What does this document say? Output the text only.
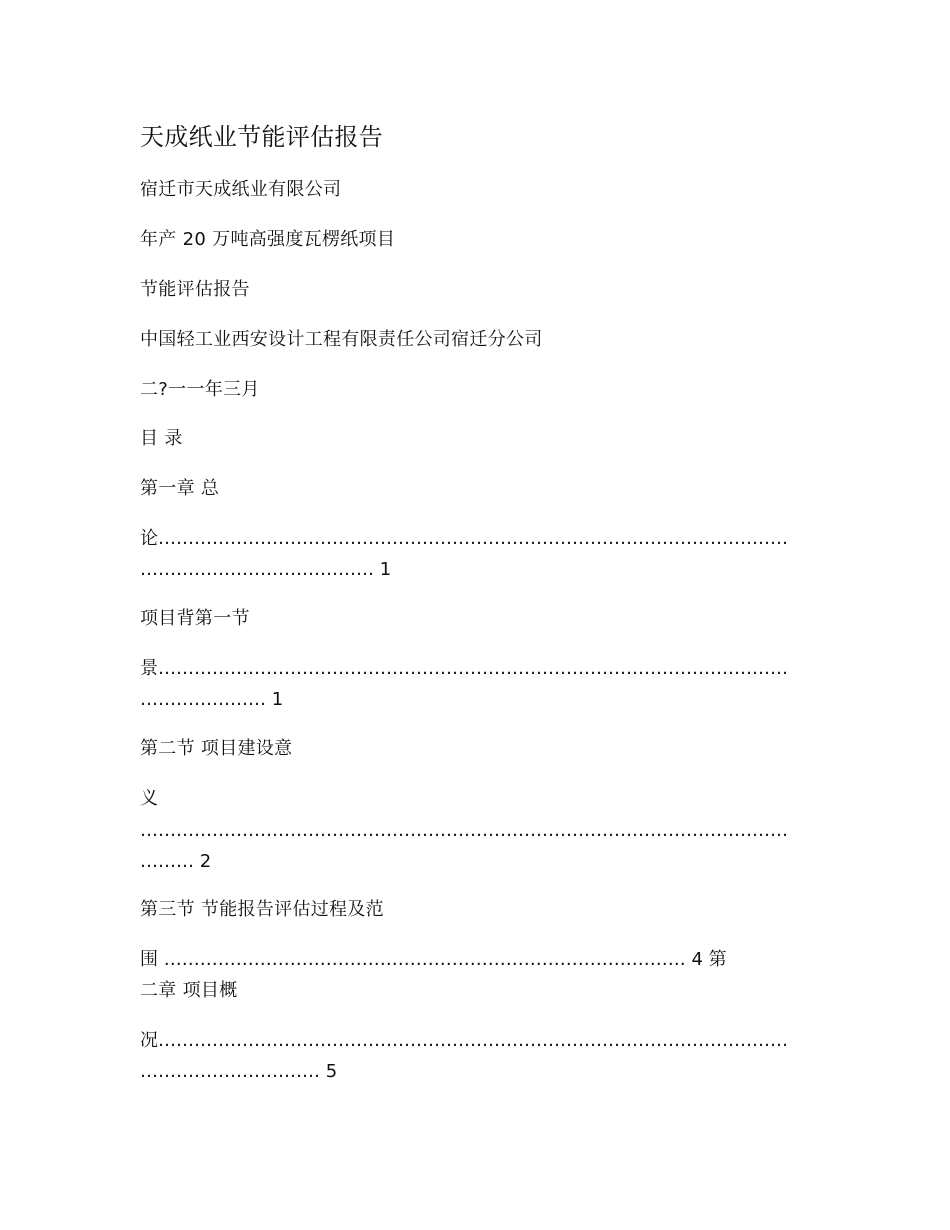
天成纸业节能评估报告
宿迁市天成纸业有限公司
年产 20 万吨高强度瓦楞纸项目
节能评估报告
中国轻工业西安设计工程有限责任公司宿迁分公司
二?一一年三月
目 录
第一章 总
论……………………………………………………………………………………………
………………………………… 1
项目背第一节
景……………………………………………………………………………………………
………………… 1
第二节 项目建设意
义
………………………………………………………………………………………………
……… 2
第三节 节能报告评估过程及范
围 …………………………………………………………………………… 4 第
二章 项目概
况……………………………………………………………………………………………
………………………… 5
